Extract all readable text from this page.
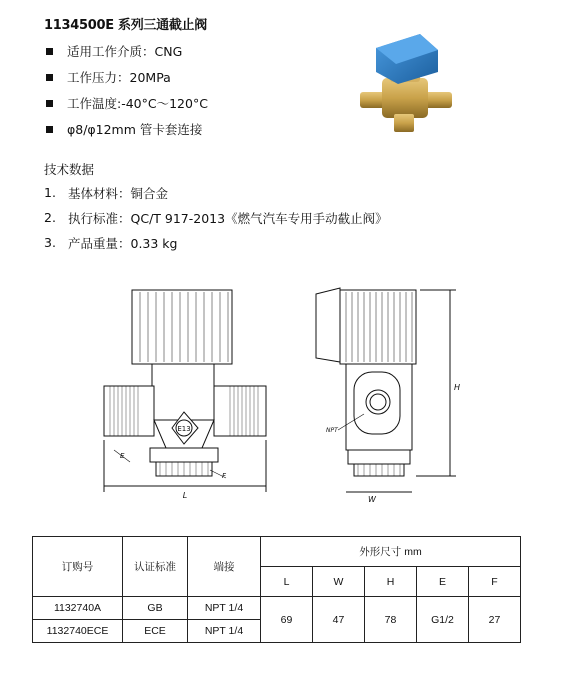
1134500E 系列三通截止阀
适用工作介质：CNG
工作压力：20MPa
工作温度:-40°C～120°C
φ8/φ12mm 管卡套连接
技术数据
1. 基体材料：铜合金
2. 执行标准：QC/T 917-2013《燃气汽车专用手动截止阀》
3. 产品重量：0.33 kg
E13
L
E
F
NPT
W
H
订购号	认证标准	端接	外形尺寸 mm				
			L	W	H	E	F
1132740A	GB	NPT 1/4	69	47	78	G1/2	27
1132740ECE	ECE	NPT 1/4					
